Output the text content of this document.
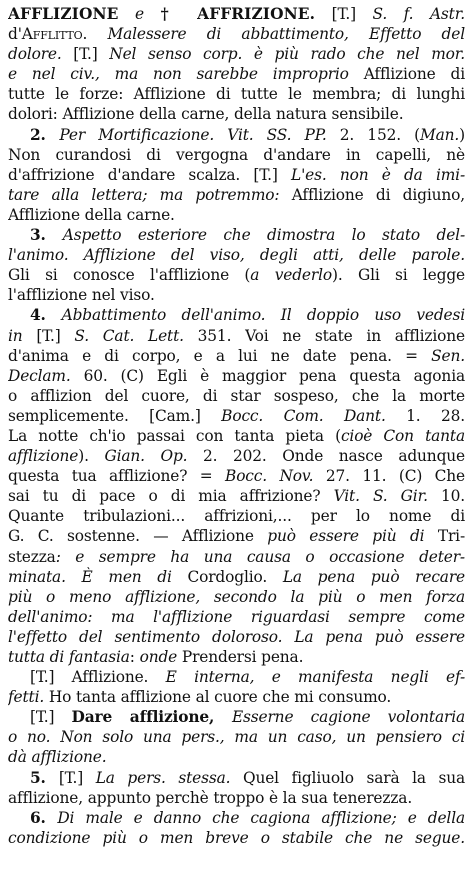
AFFLIZIONE e † AFFRIZIONE. [T.] S. f. Astr.
d'Afflitto. Malessere di abbattimento, Effetto del
dolore. [T.] Nel senso corp. è più rado che nel mor.
e nel civ., ma non sarebbe improprio Afflizione di
tutte le forze: Afflizione di tutte le membra; di lunghi
dolori: Afflizione della carne, della natura sensibile.
2. Per Mortificazione. Vit. SS. PP. 2. 152. (Man.)
Non curandosi di vergogna d'andare in capelli, nè
d'affrizione d'andare scalza. [T.] L'es. non è da imi-
tare alla lettera; ma potremmo: Afflizione di digiuno,
Afflizione della carne.
3. Aspetto esteriore che dimostra lo stato del-
l'animo. Afflizione del viso, degli atti, delle parole.
Gli si conosce l'afflizione (a vederlo). Gli si legge
l'afflizione nel viso.
4. Abbattimento dell'animo. Il doppio uso vedesi
in [T.] S. Cat. Lett. 351. Voi ne state in afflizione
d'anima e di corpo, e a lui ne date pena. = Sen.
Declam. 60. (C) Egli è maggior pena questa agonia
o afflizion del cuore, di star sospeso, che la morte
semplicemente. [Cam.] Bocc. Com. Dant. 1. 28.
La notte ch'io passai con tanta pieta (cioè Con tanta
afflizione). Gian. Op. 2. 202. Onde nasce adunque
questa tua afflizione? = Bocc. Nov. 27. 11. (C) Che
sai tu di pace o di mia affrizione? Vit. S. Gir. 10.
Quante tribulazioni... affrizioni,... per lo nome di
G. C. sostenne. — Afflizione può essere più di Tri-
stezza: e sempre ha una causa o occasione deter-
minata. È men di Cordoglio. La pena può recare
più o meno afflizione, secondo la più o men forza
dell'animo: ma l'afflizione riguardasi sempre come
l'effetto del sentimento doloroso. La pena può essere
tutta di fantasia: onde Prendersi pena.
[T.] Afflizione. E interna, e manifesta negli ef-
fetti. Ho tanta afflizione al cuore che mi consumo.
[T.] Dare afflizione, Esserne cagione volontaria
o no. Non solo una pers., ma un caso, un pensiero ci
dà afflizione.
5. [T.] La pers. stessa. Quel figliuolo sarà la sua
afflizione, appunto perchè troppo è la sua tenerezza.
6. Di male e danno che cagiona afflizione; e della
condizione più o men breve o stabile che ne segue.
